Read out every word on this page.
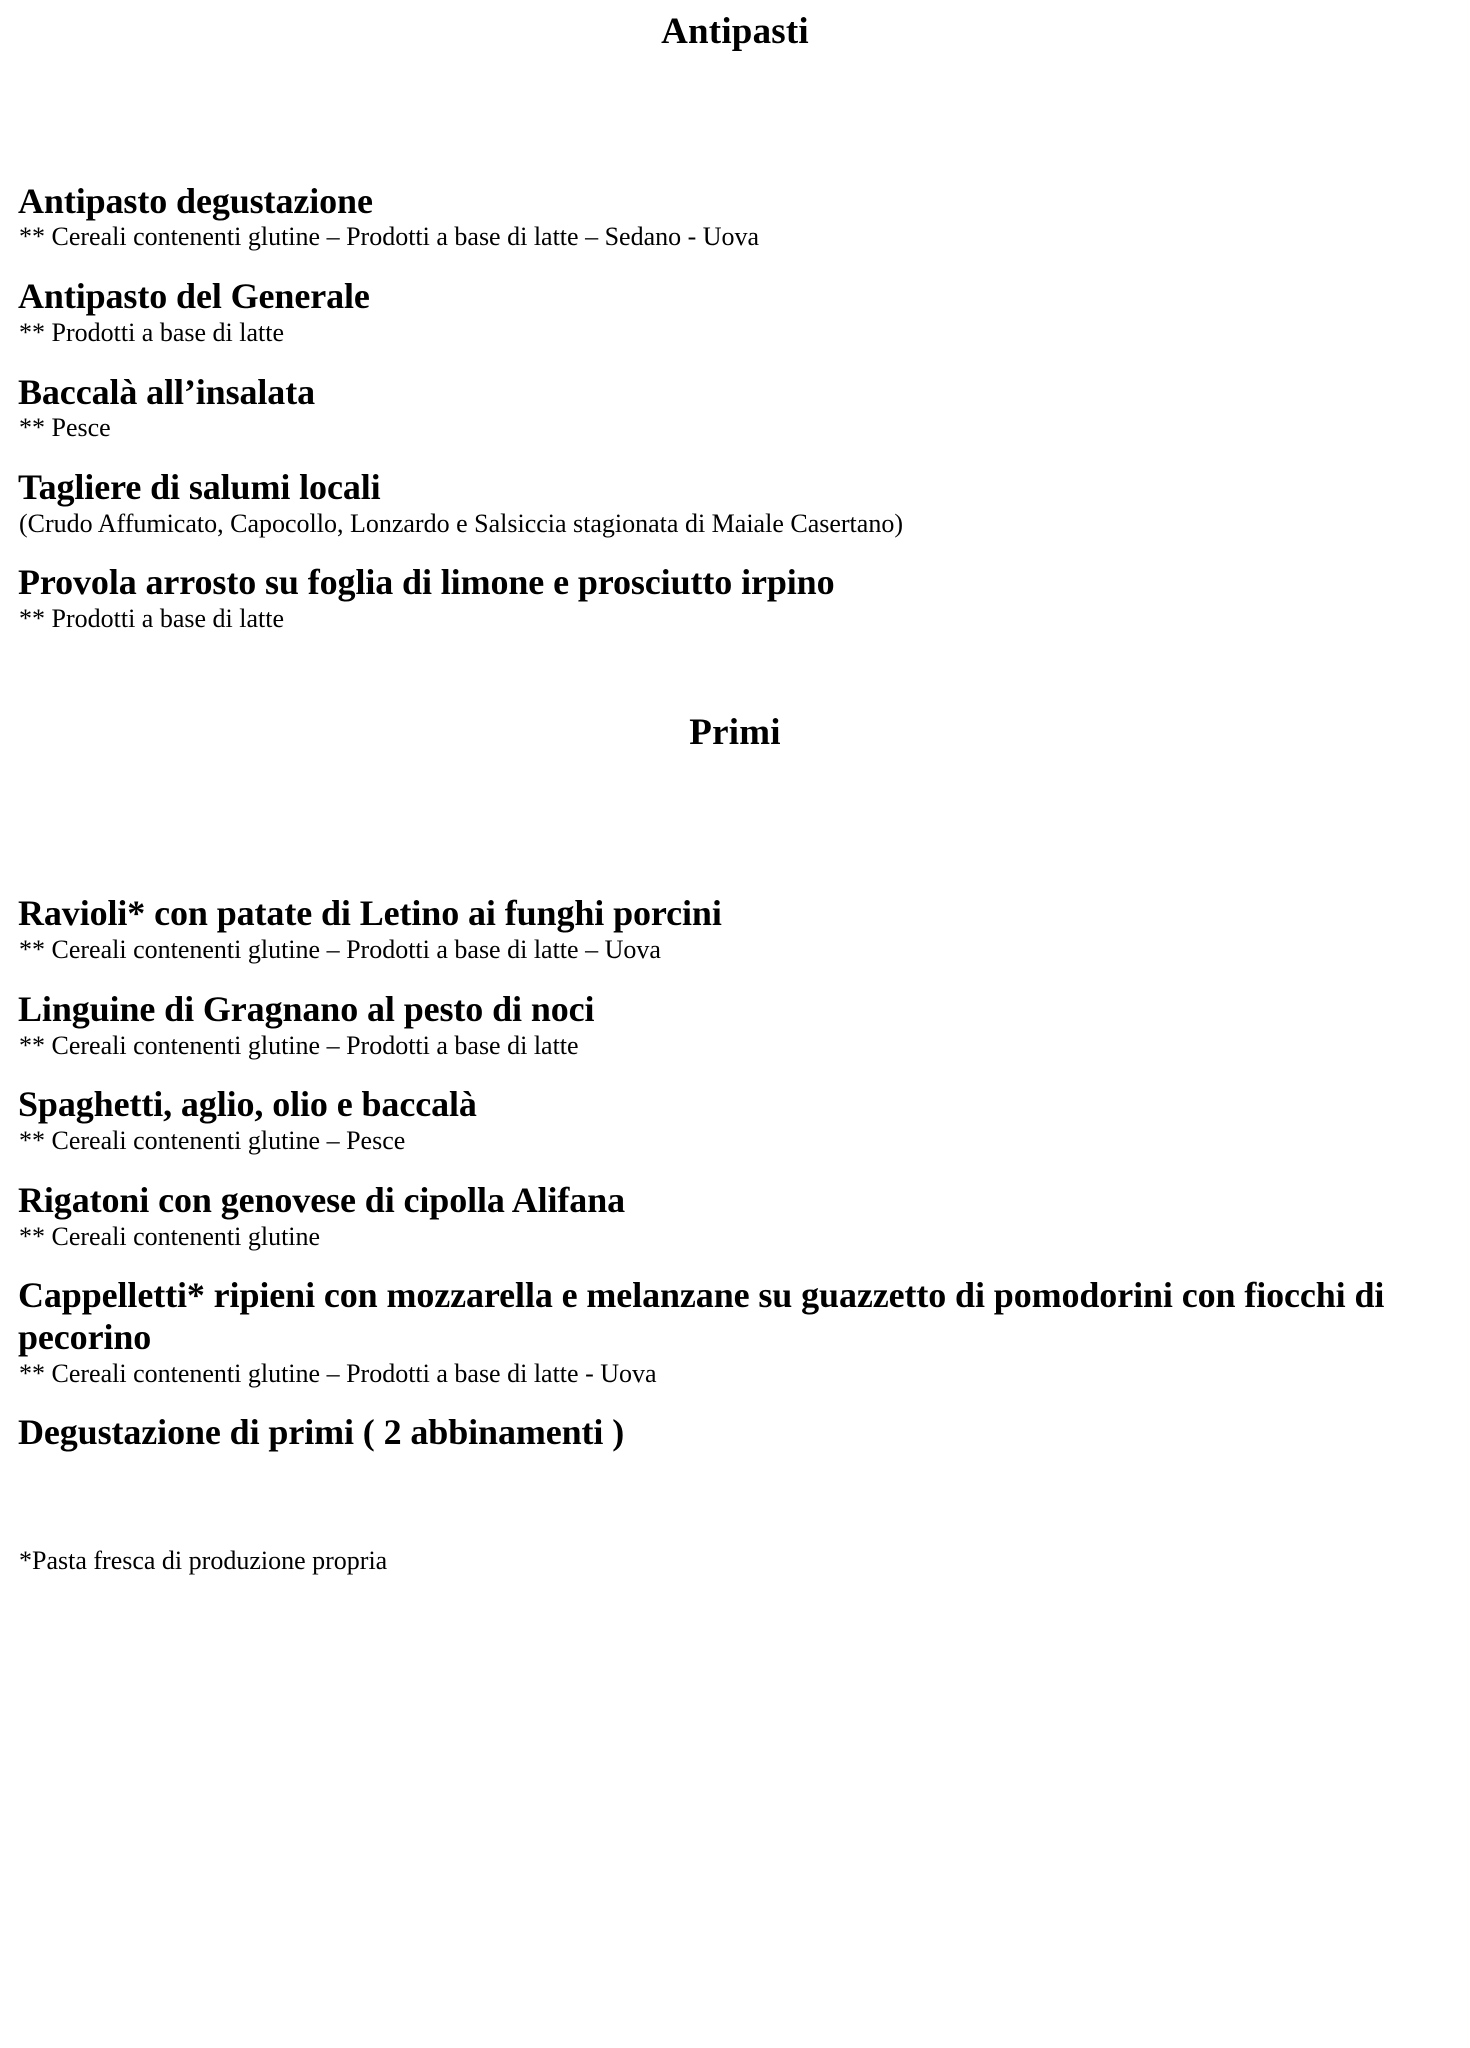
Antipasti
Antipasto degustazione
** Cereali contenenti glutine – Prodotti a base di latte – Sedano - Uova
Antipasto del Generale
** Prodotti a base di latte
Baccalà all’insalata
** Pesce
Tagliere di salumi locali
(Crudo Affumicato, Capocollo, Lonzardo e Salsiccia stagionata di Maiale Casertano)
Provola arrosto su foglia di limone e prosciutto irpino
** Prodotti a base di latte
Primi
Ravioli* con patate di Letino ai funghi porcini
** Cereali contenenti glutine – Prodotti a base di latte – Uova
Linguine di Gragnano al pesto di noci
** Cereali contenenti glutine – Prodotti a base di latte
Spaghetti, aglio, olio e baccalà
** Cereali contenenti glutine – Pesce
Rigatoni con genovese di cipolla Alifana
** Cereali contenenti glutine
Cappelletti* ripieni con mozzarella e melanzane su guazzetto di pomodorini con fiocchi di pecorino
** Cereali contenenti glutine – Prodotti a base di latte - Uova
Degustazione di primi ( 2 abbinamenti )
*Pasta fresca di produzione propria
